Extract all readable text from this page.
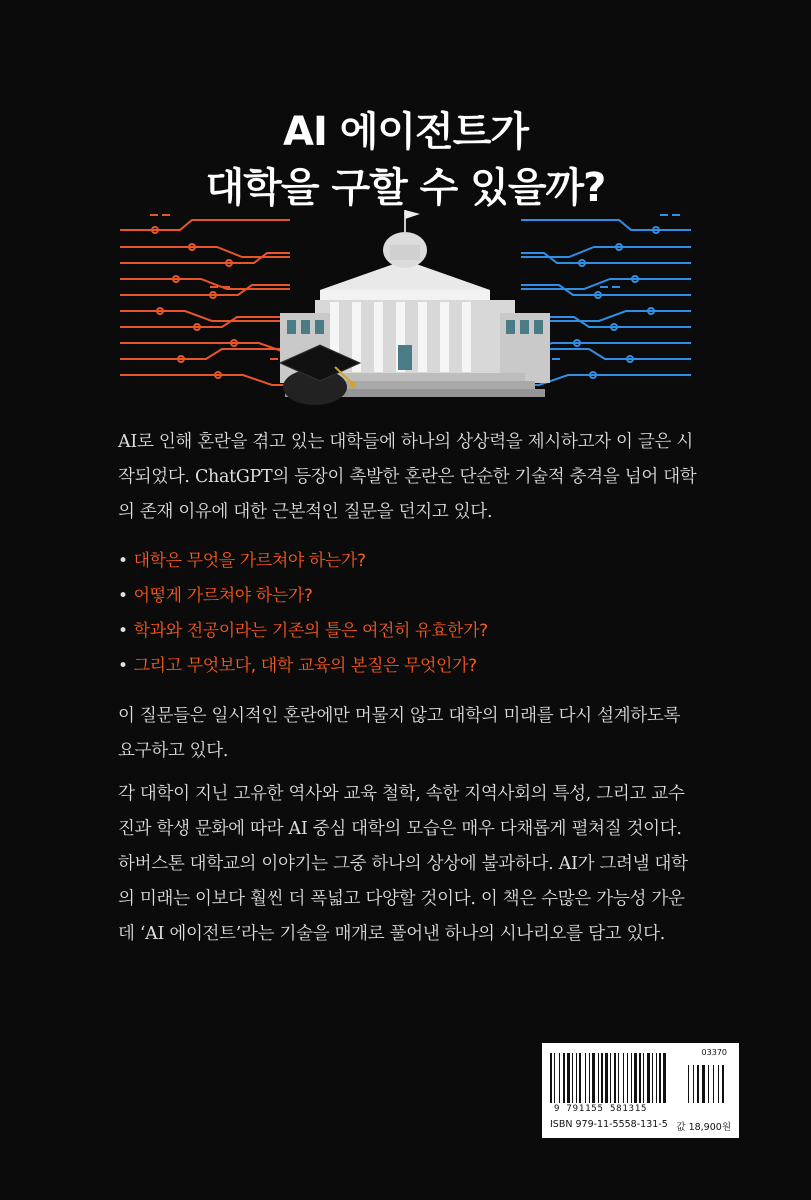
AI 에이전트가
대학을 구할 수 있을까?

AI로 인해 혼란을 겪고 있는 대학들에 하나의 상상력을 제시하고자 이 글은 시작되었다. ChatGPT의 등장이 촉발한 혼란은 단순한 기술적 충격을 넘어 대학의 존재 이유에 대한 근본적인 질문을 던지고 있다.

• 대학은 무엇을 가르쳐야 하는가?
• 어떻게 가르쳐야 하는가?
• 학과와 전공이라는 기존의 틀은 여전히 유효한가?
• 그리고 무엇보다, 대학 교육의 본질은 무엇인가?

이 질문들은 일시적인 혼란에만 머물지 않고 대학의 미래를 다시 설계하도록 요구하고 있다.

각 대학이 지닌 고유한 역사와 교육 철학, 속한 지역사회의 특성, 그리고 교수진과 학생 문화에 따라 AI 중심 대학의 모습은 매우 다채롭게 펼쳐질 것이다. 하버스톤 대학교의 이야기는 그중 하나의 상상에 불과하다. AI가 그려낼 대학의 미래는 이보다 훨씬 더 폭넓고 다양할 것이다. 이 책은 수많은 가능성 가운데 ‘AI 에이전트’라는 기술을 매개로 풀어낸 하나의 시나리오를 담고 있다.

03370
9 791155 581315
ISBN 979-11-5558-131-5 값 18,900원
